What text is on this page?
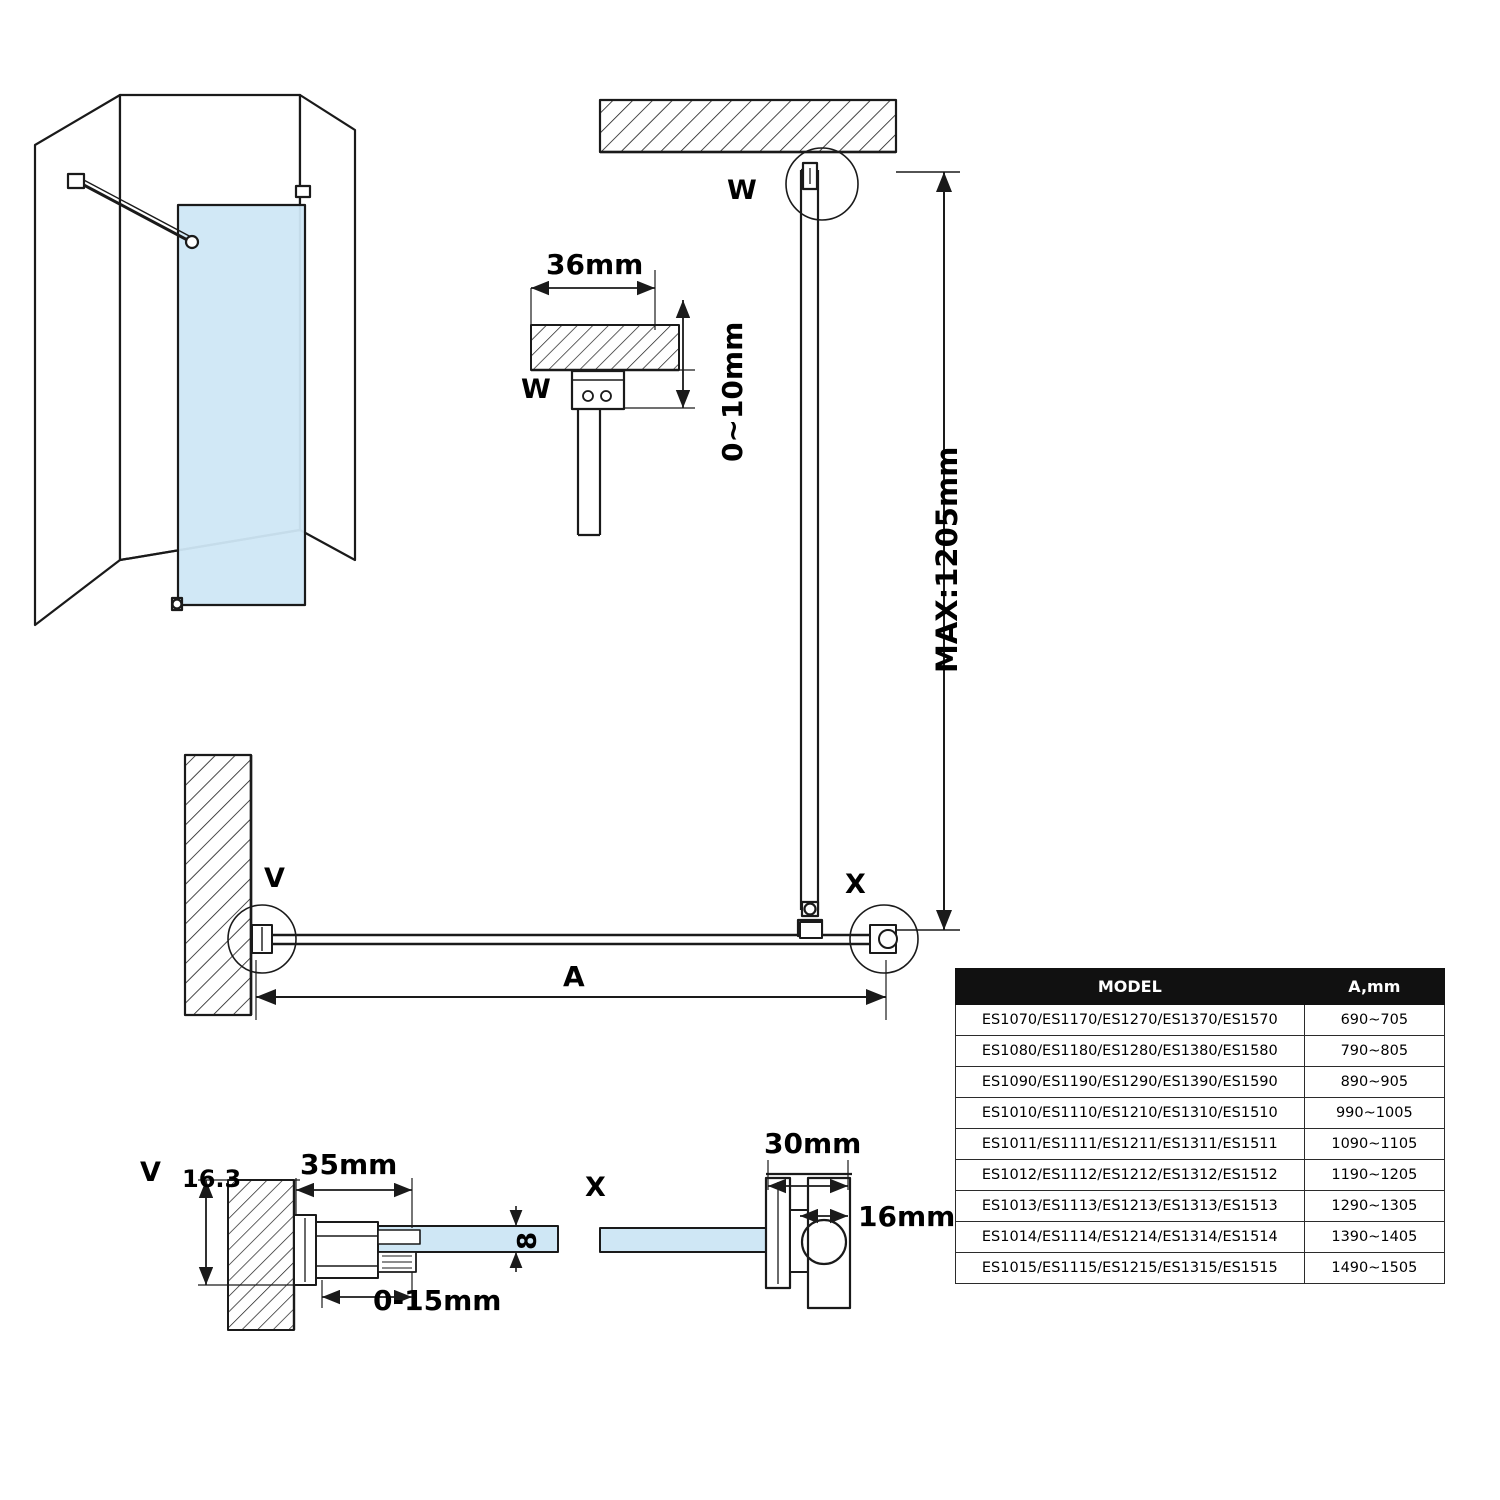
W
W
36mm
0~10mm
MAX:1205mm
V	X
A
V 16.3 35mm
0-15mm
8
X
30mm
16mm
MODEL	A,mm
ES1070/ES1170/ES1270/ES1370/ES1570	690~705
ES1080/ES1180/ES1280/ES1380/ES1580	790~805
ES1090/ES1190/ES1290/ES1390/ES1590	890~905
ES1010/ES1110/ES1210/ES1310/ES1510	990~1005
ES1011/ES1111/ES1211/ES1311/ES1511	1090~1105
ES1012/ES1112/ES1212/ES1312/ES1512	1190~1205
ES1013/ES1113/ES1213/ES1313/ES1513	1290~1305
ES1014/ES1114/ES1214/ES1314/ES1514	1390~1405
ES1015/ES1115/ES1215/ES1315/ES1515	1490~1505
